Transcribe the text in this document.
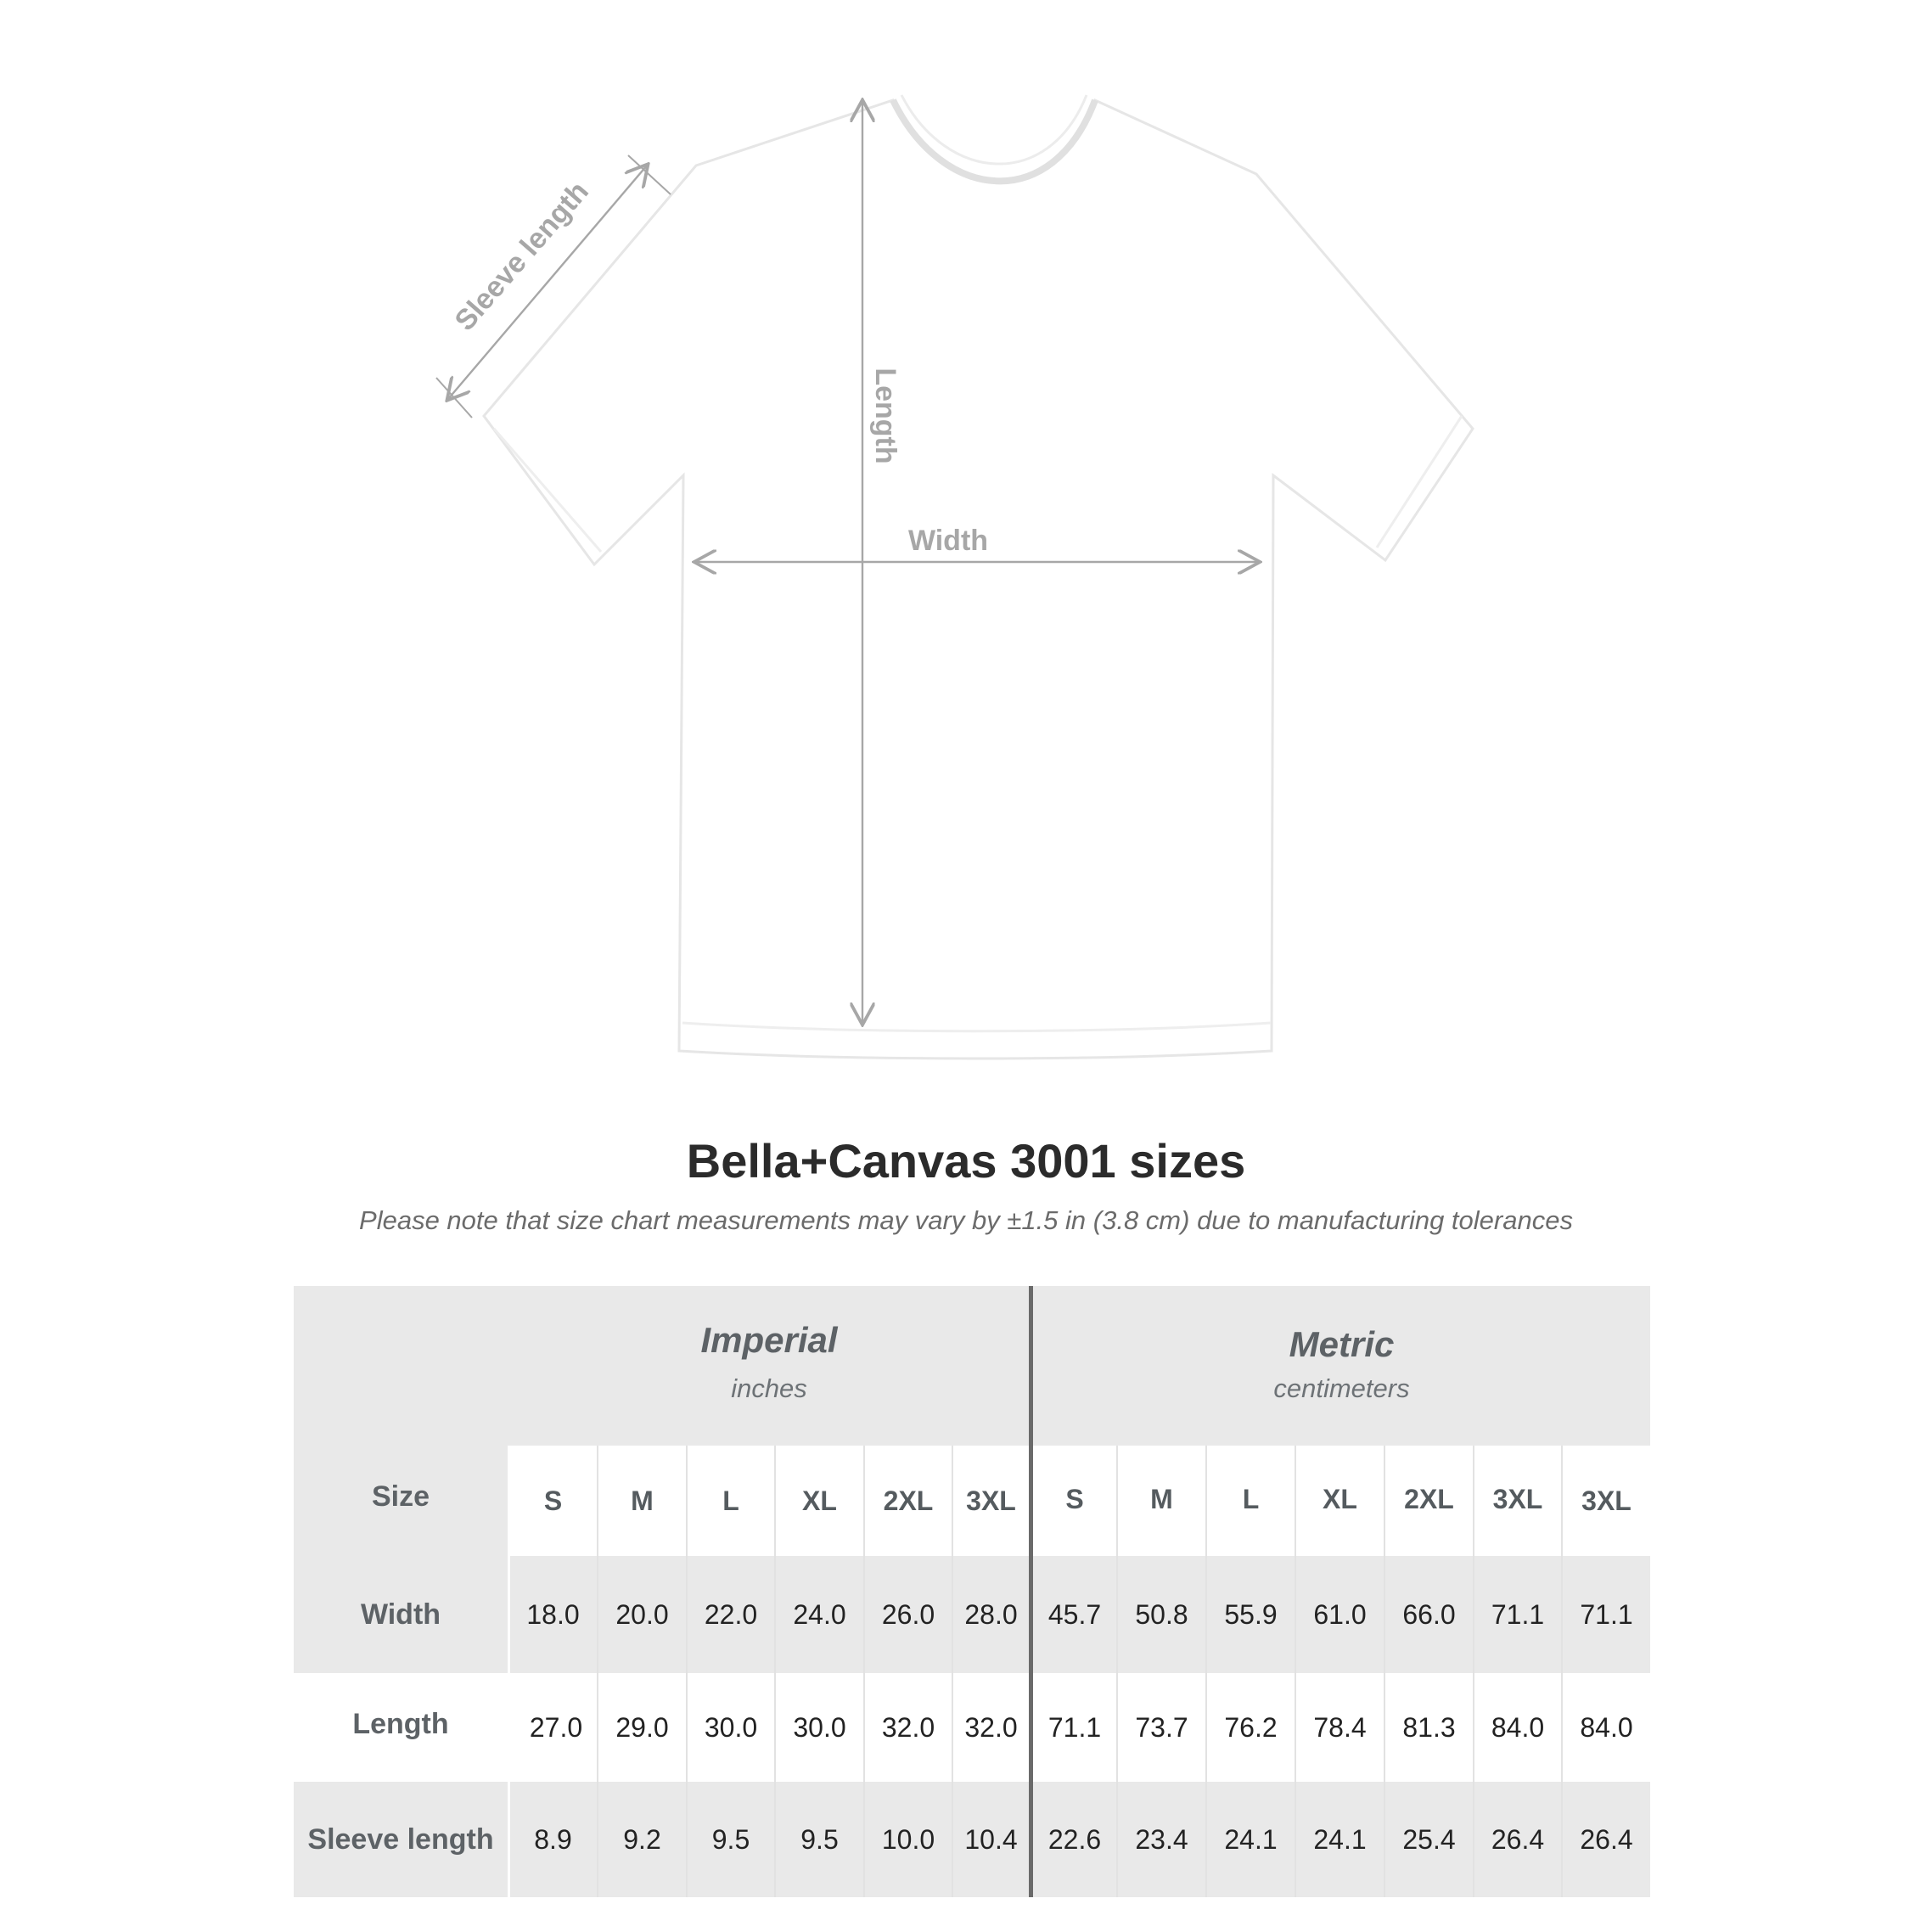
Sleeve length
Length
Width
Bella+Canvas 3001 sizes
Please note that size chart measurements may vary by ±1.5 in (3.8 cm) due to manufacturing tolerances
Imperial
inches
Metric
centimeters
Size	S	M	L	XL	2XL	3XL	S	M	L	XL	2XL	3XL	3XL
Width	18.0	20.0	22.0	24.0	26.0	28.0	45.7	50.8	55.9	61.0	66.0	71.1	71.1
Length	27.0	29.0	30.0	30.0	32.0	32.0	71.1	73.7	76.2	78.4	81.3	84.0	84.0
Sleeve length	8.9	9.2	9.5	9.5	10.0	10.4	22.6	23.4	24.1	24.1	25.4	26.4	26.4
